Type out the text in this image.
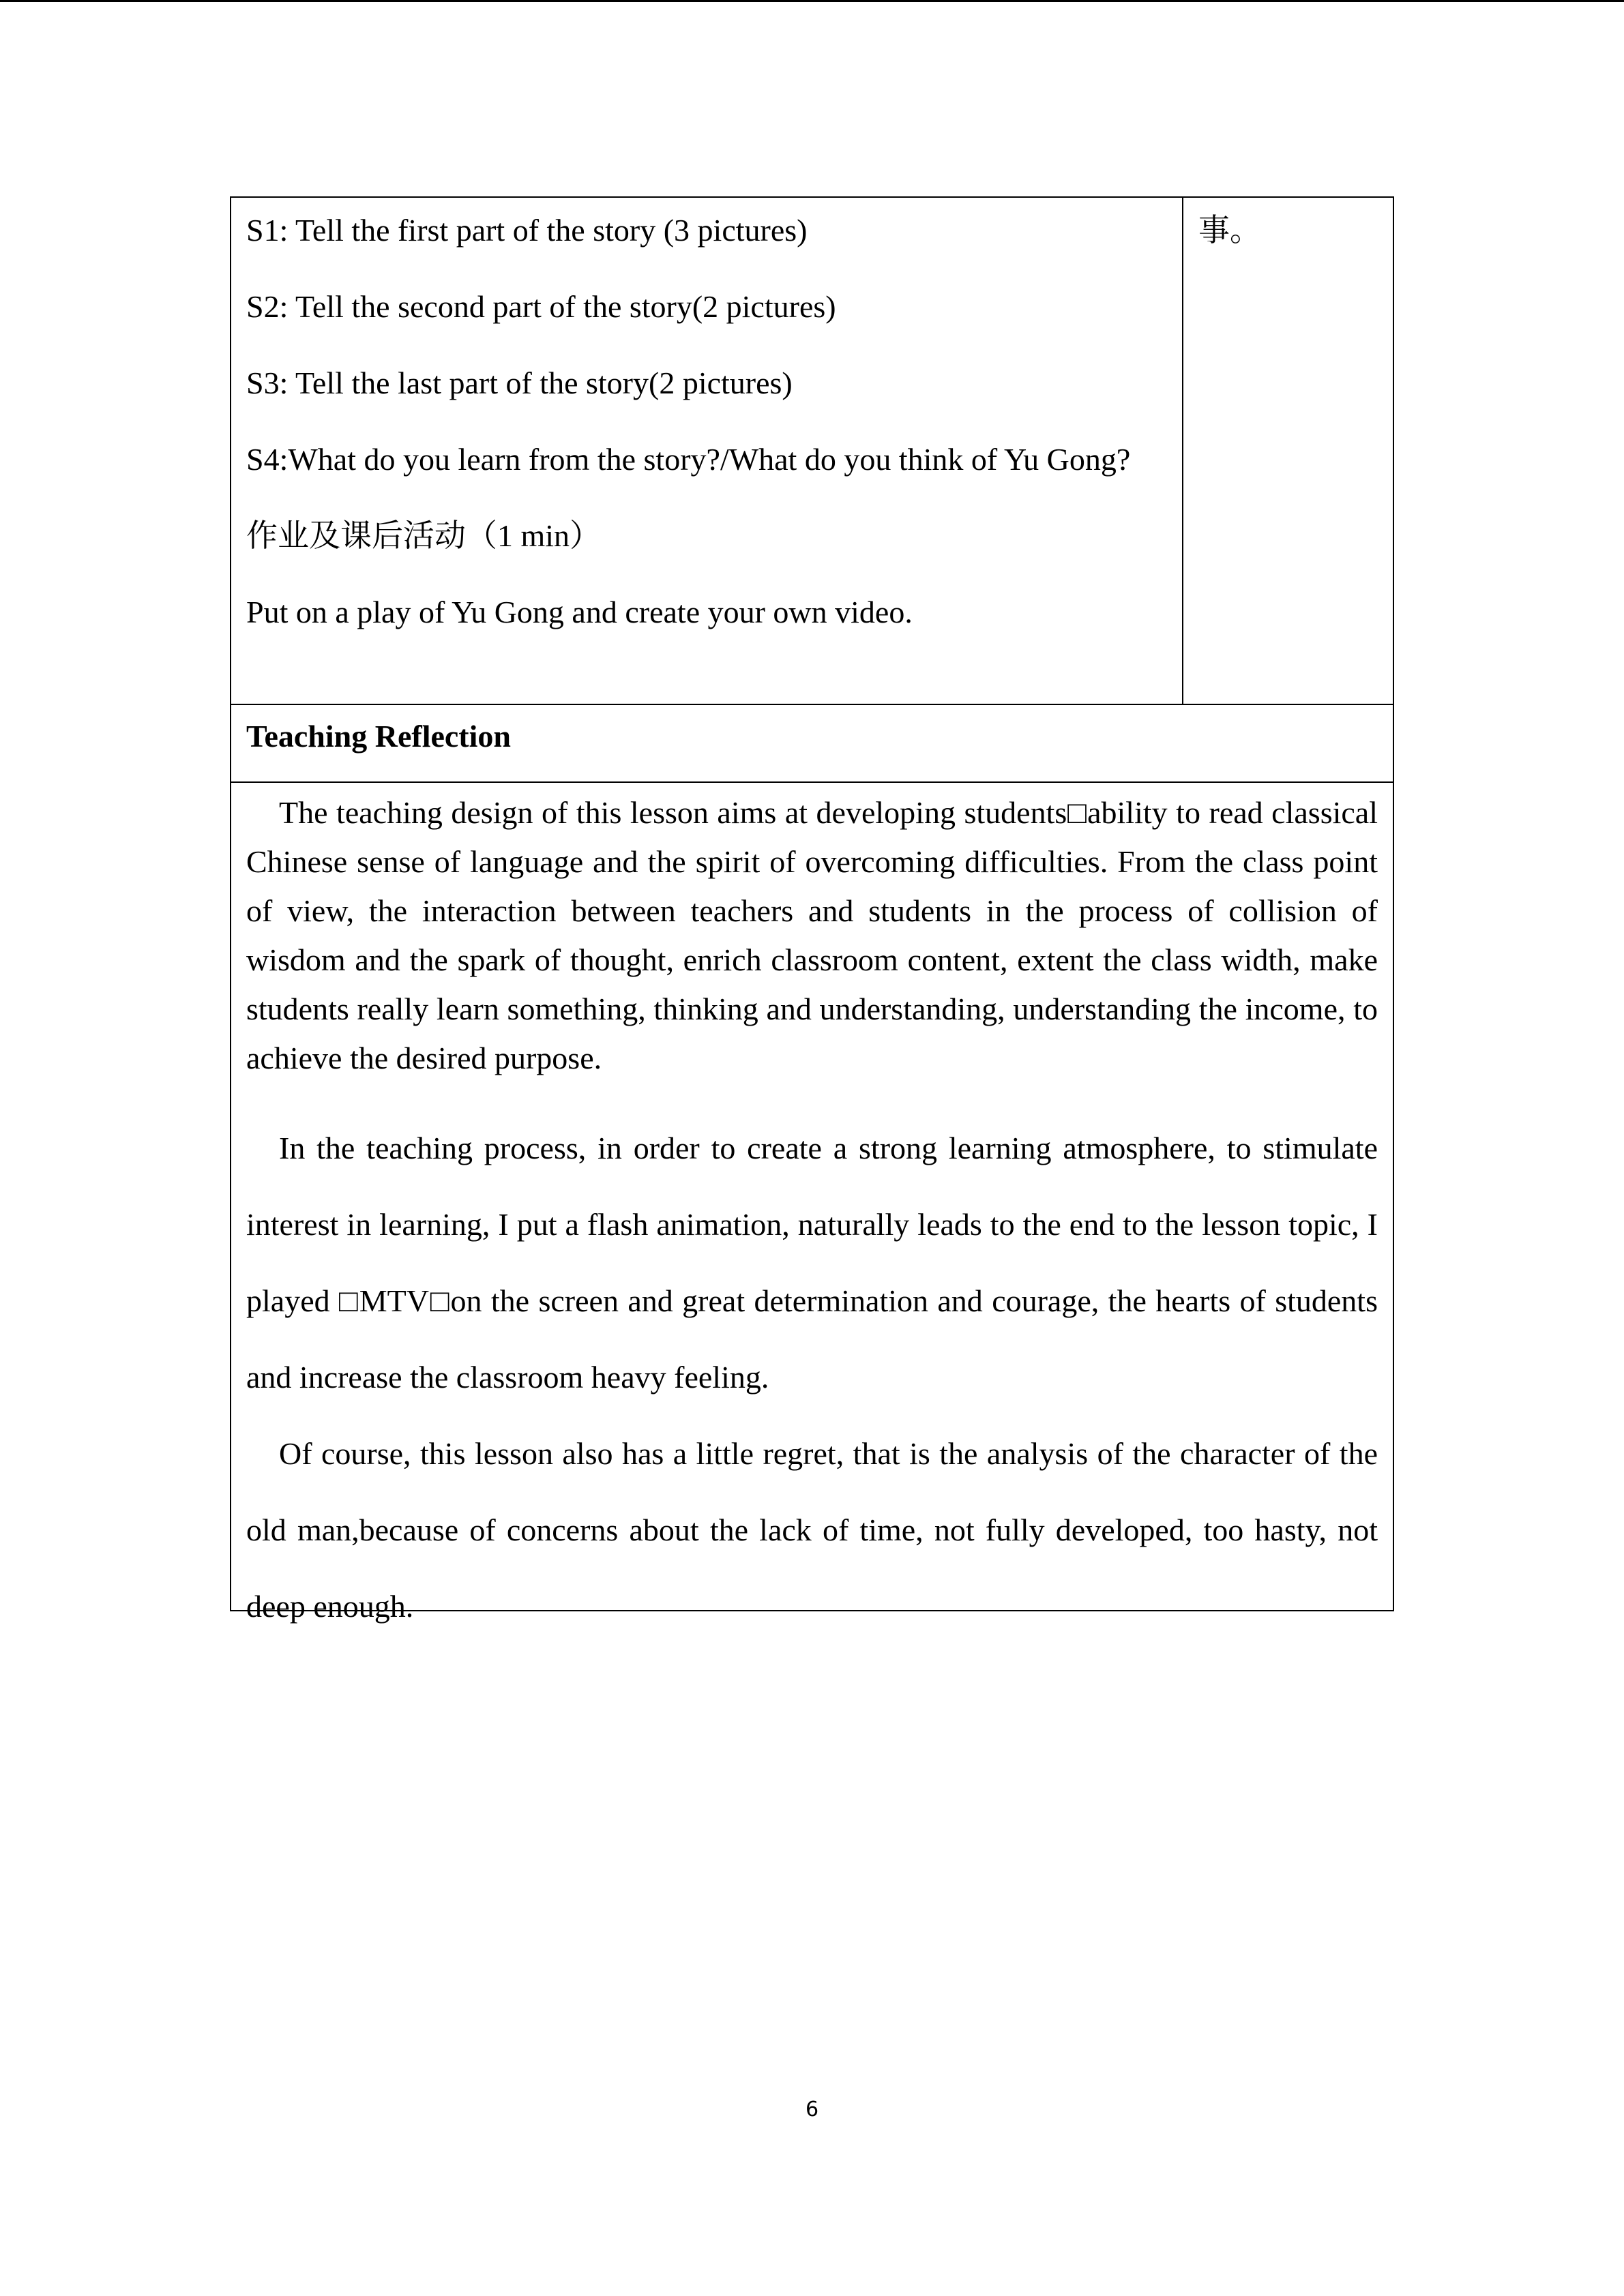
S1: Tell the first part of the story (3 pictures)

S2: Tell the second part of the story(2 pictures)

S3: Tell the last part of the story(2 pictures)

S4:What do you learn from the story?/What do you think of Yu Gong?

作业及课后活动（1 min）

Put on a play of Yu Gong and create your own video.

事。

Teaching Reflection

The teaching design of this lesson aims at developing students□ability to read classical Chinese sense of language and the spirit of overcoming difficulties. From the class point of view, the interaction between teachers and students in the process of collision of wisdom and the spark of thought, enrich classroom content, extent the class width, make students really learn something, thinking and understanding, understanding the income, to achieve the desired purpose.

In the teaching process, in order to create a strong learning atmosphere, to stimulate interest in learning, I put a flash animation, naturally leads to the end to the lesson topic, I played □MTV□on the screen and great determination and courage, the hearts of students and increase the classroom heavy feeling.

Of course, this lesson also has a little regret, that is the analysis of the character of the old man,because of concerns about the lack of time, not fully developed, too hasty, not deep enough.

6
